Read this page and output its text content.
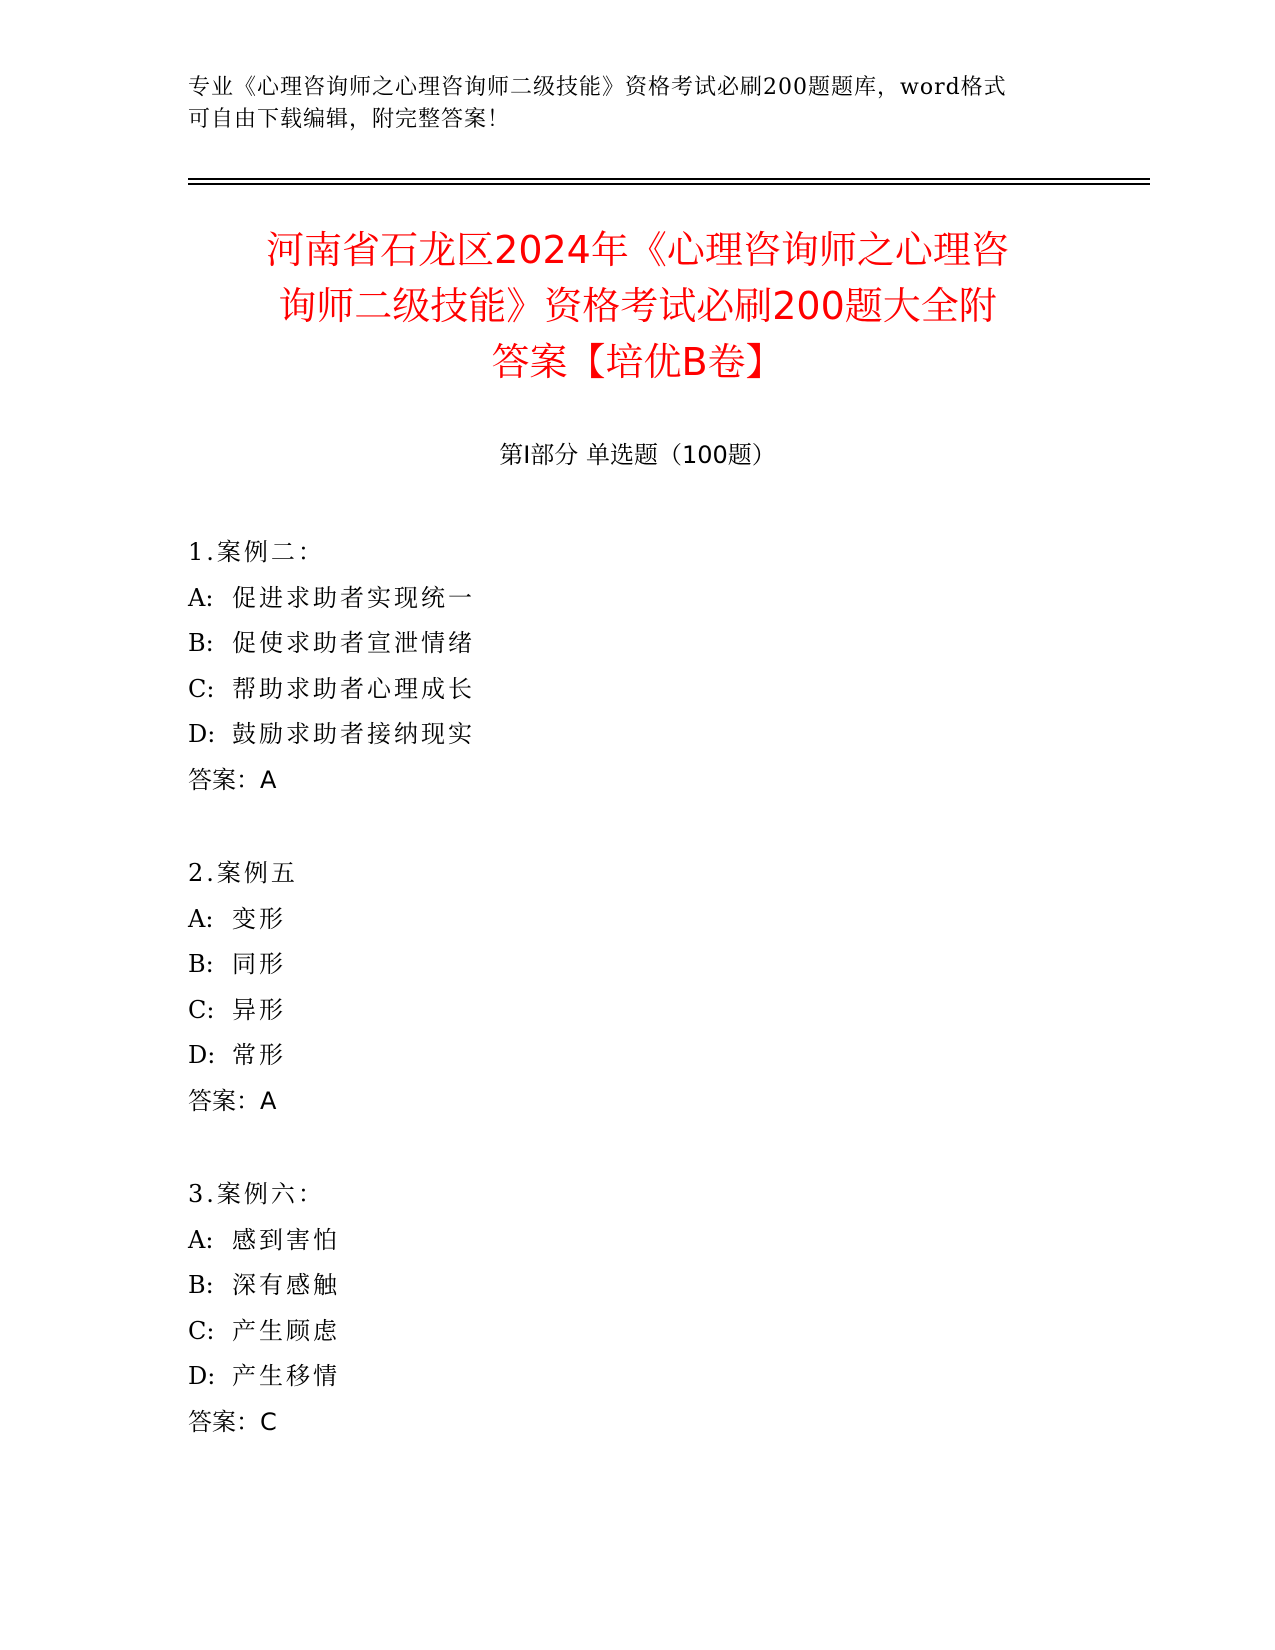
专业《心理咨询师之心理咨询师二级技能》资格考试必刷200题题库，word格式
可自由下载编辑，附完整答案！
河南省石龙区2024年《心理咨询师之心理咨
询师二级技能》资格考试必刷200题大全附
答案【培优B卷】
第Ⅰ部分 单选题（100题）
1.案例二：
A: 促进求助者实现统一
B: 促使求助者宣泄情绪
C: 帮助求助者心理成长
D: 鼓励求助者接纳现实
答案：A
2.案例五
A: 变形
B: 同形
C: 异形
D: 常形
答案：A
3.案例六：
A: 感到害怕
B: 深有感触
C: 产生顾虑
D: 产生移情
答案：C
